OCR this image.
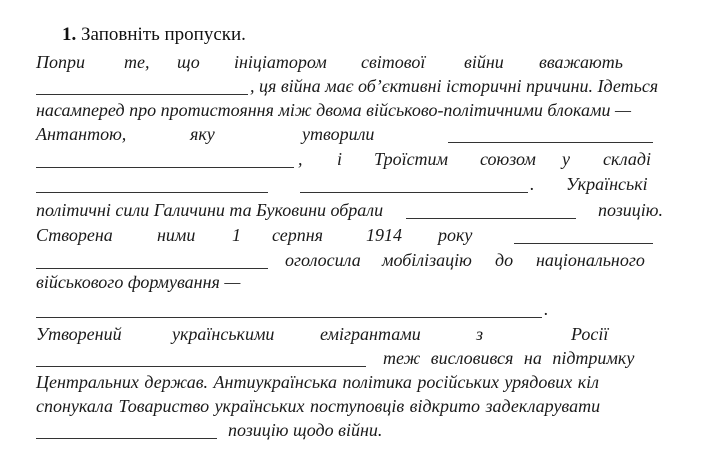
1. Заповніть пропуски.
Попри те, що ініціатором світової війни вважають
, ця війна має об’єктивні історичні причини. Ідеться
насамперед про протистояння між двома військово-політичними блоками —
Антантою,	яку	утворили
, і Троїстим союзом у складі
. Українські
політичні сили Галичини та Буковини обрали	позицію.
Створена ними 1 серпня 1914 року
оголосила мобілізацію до національного
військового формування —
.
Утворений	українськими	емігрантами	з	Росії
теж висловився на підтримку
Центральних держав. Антиукраїнська політика російських урядових кіл
спонукала Товариство українських поступовців відкрито задекларувати
позицію щодо війни.
